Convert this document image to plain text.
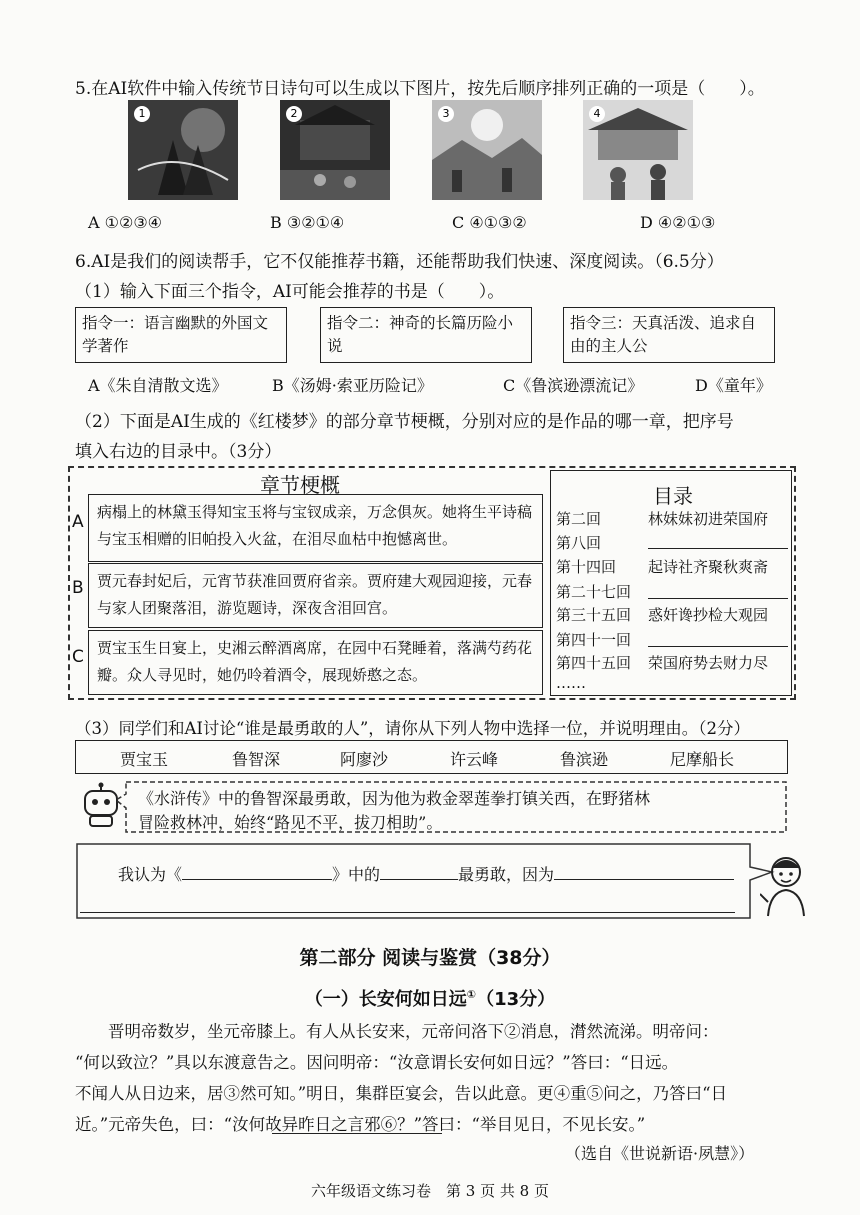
5.在AI软件中输入传统节日诗句可以生成以下图片，按先后顺序排列正确的一项是（　　）。
1	2	3	4
A ①②③④	B ③②①④	C ④①③②	D ④②①③
6.AI是我们的阅读帮手，它不仅能推荐书籍，还能帮助我们快速、深度阅读。（6.5分）
（1）输入下面三个指令，AI可能会推荐的书是（　　）。
指令一：语言幽默的外国文学著作
指令二：神奇的长篇历险小说
指令三：天真活泼、追求自由的主人公
A《朱自清散文选》	B《汤姆·索亚历险记》	C《鲁滨逊漂流记》	D《童年》
（2）下面是AI生成的《红楼梦》的部分章节梗概，分别对应的是作品的哪一章，把序号
填入右边的目录中。（3分）
章节梗概
A 病榻上的林黛玉得知宝玉将与宝钗成亲，万念俱灰。她将生平诗稿与宝玉相赠的旧帕投入火盆，在泪尽血枯中抱憾离世。
B 贾元春封妃后，元宵节获准回贾府省亲。贾府建大观园迎接，元春与家人团聚落泪，游览题诗，深夜含泪回宫。
C 贾宝玉生日宴上，史湘云醉酒离席，在园中石凳睡着，落满芍药花瓣。众人寻见时，她仍呤着酒令，展现娇憨之态。
目录
第二回	林妹妹初进荣国府
第八回
第十四回 起诗社齐聚秋爽斋
第二十七回
第三十五回 惑奸谗抄检大观园
第四十一回
第四十五回 荣国府势去财力尽
……
（3）同学们和AI讨论“谁是最勇敢的人”，请你从下列人物中选择一位，并说明理由。（2分）
贾宝玉	鲁智深	阿廖沙	许云峰	鲁滨逊	尼摩船长
《水浒传》中的鲁智深最勇敢，因为他为救金翠莲拳打镇关西，在野猪林
冒险救林冲，始终“路见不平，拔刀相助”。
我认为《	》中的	最勇敢，因为
第二部分 阅读与鉴赏（38分）
（一）长安何如日远①（13分）
晋明帝数岁，坐元帝膝上。有人从长安来，元帝问洛下②消息，潸然流涕。明帝问：
“何以致泣？”具以东渡意告之。因问明帝：“汝意谓长安何如日远？”答曰：“日远。
不闻人从日边来，居③然可知。”明日，集群臣宴会，告以此意。更④重⑤问之，乃答曰“日
近。”元帝失色，曰：“汝何故异昨日之言邪⑥？”答曰：“举目见日，不见长安。”
（选自《世说新语·夙慧》）
六年级语文练习卷　第 3 页 共 8 页
